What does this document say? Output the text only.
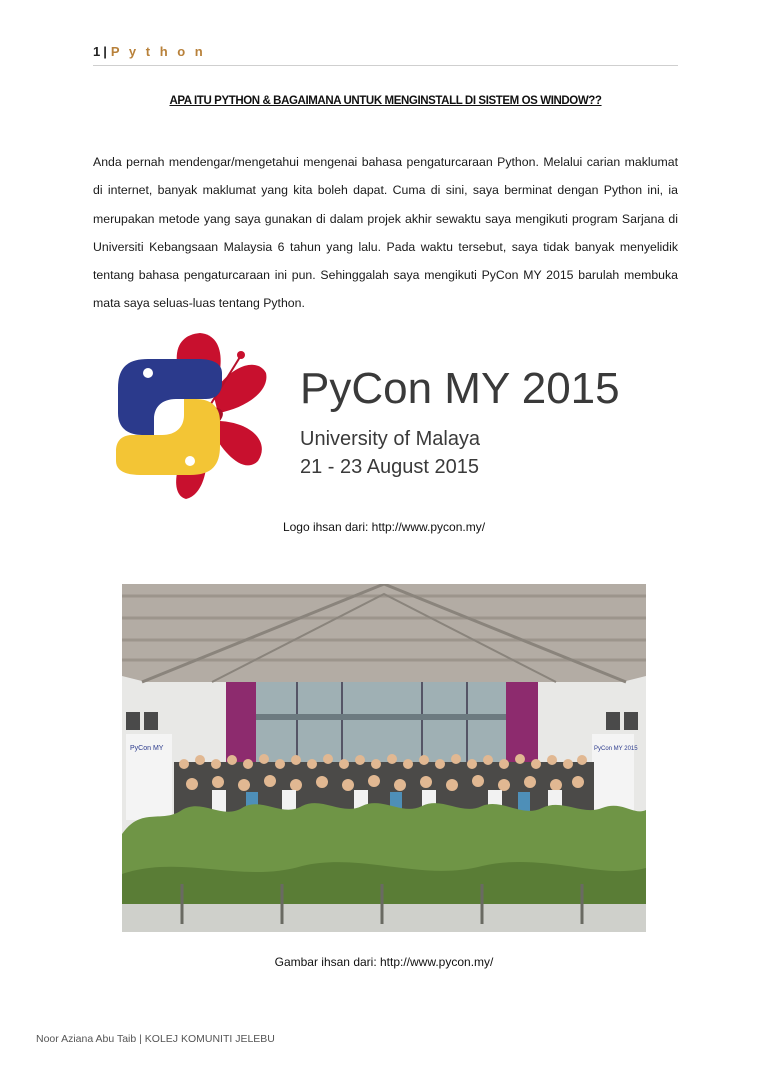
1 | P y t h o n
APA ITU PYTHON & BAGAIMANA UNTUK MENGINSTALL DI SISTEM OS WINDOW??

Anda pernah mendengar/mengetahui mengenai bahasa pengaturcaraan Python. Melalui carian maklumat di internet, banyak maklumat yang kita boleh dapat. Cuma di sini, saya berminat dengan Python ini, ia merupakan metode yang saya gunakan di dalam projek akhir sewaktu saya mengikuti program Sarjana di Universiti Kebangsaan Malaysia 6 tahun yang lalu. Pada waktu tersebut, saya tidak banyak menyelidik tentang bahasa pengaturcaraan ini pun. Sehinggalah saya mengikuti PyCon MY 2015 barulah membuka mata saya seluas-luas tentang Python.

PyCon MY 2015
University of Malaya
21 - 23 August 2015
Logo ihsan dari: http://www.pycon.my/
PyCon MY	PyCon MY 2015
Gambar ihsan dari: http://www.pycon.my/
Noor Aziana Abu Taib | KOLEJ KOMUNITI JELEBU
